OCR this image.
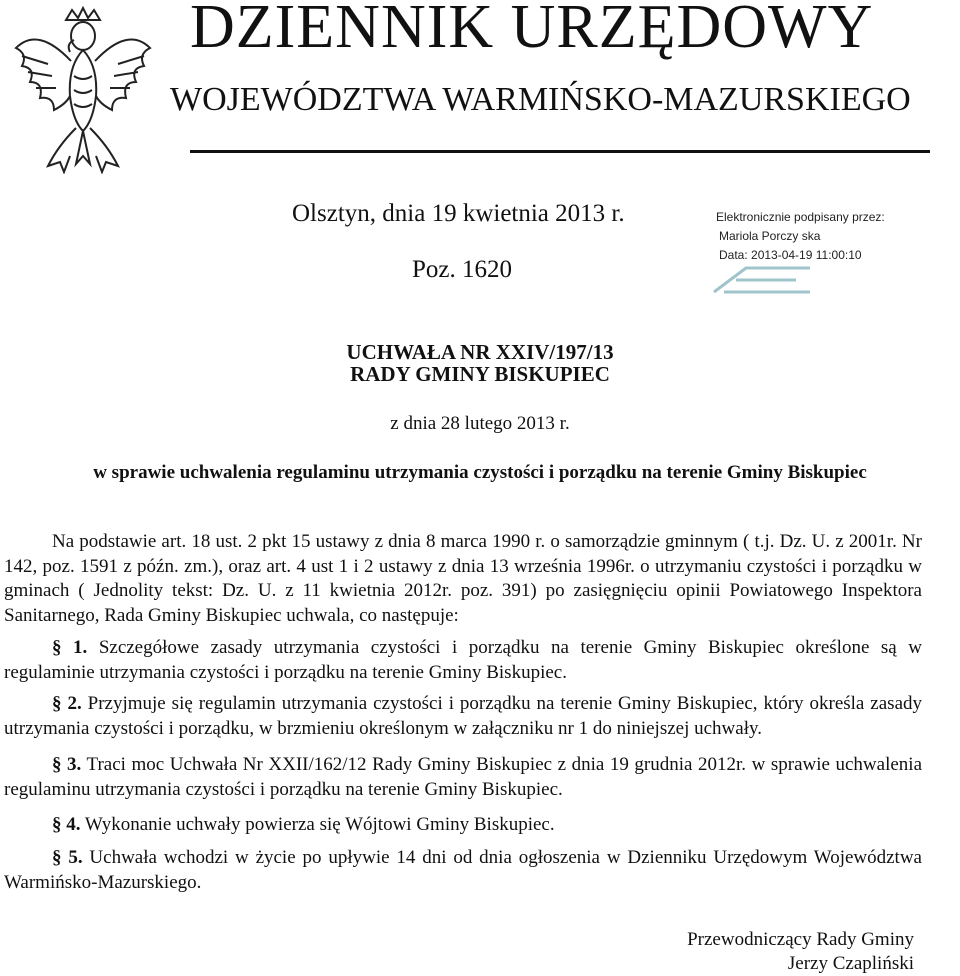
DZIENNIK URZĘDOWY
WOJEWÓDZTWA WARMIŃSKO-MAZURSKIEGO
Olsztyn, dnia 19 kwietnia 2013 r.
Poz. 1620
Elektronicznie podpisany przez:
Mariola Porczy ska
Data: 2013-04-19 11:00:10
UCHWAŁA NR XXIV/197/13
RADY GMINY BISKUPIEC
z dnia 28 lutego 2013 r.
w sprawie uchwalenia regulaminu utrzymania czystości i porządku na terenie Gminy Biskupiec
Na podstawie art. 18 ust. 2 pkt 15 ustawy z dnia 8 marca 1990 r. o samorządzie gminnym ( t.j. Dz. U. z 2001r. Nr 142, poz. 1591 z późn. zm.), oraz art. 4 ust 1 i 2 ustawy z dnia 13 września 1996r. o utrzymaniu czystości i porządku w gminach ( Jednolity tekst: Dz. U. z 11 kwietnia 2012r. poz. 391) po zasięgnięciu opinii Powiatowego Inspektora Sanitarnego, Rada Gminy Biskupiec uchwala, co następuje:
§ 1. Szczegółowe zasady utrzymania czystości i porządku na terenie Gminy Biskupiec określone są w regulaminie utrzymania czystości i porządku na terenie Gminy Biskupiec.
§ 2. Przyjmuje się regulamin utrzymania czystości i porządku na terenie Gminy Biskupiec, który określa zasady utrzymania czystości i porządku, w brzmieniu określonym w załączniku nr 1 do niniejszej uchwały.
§ 3. Traci moc Uchwała Nr XXII/162/12 Rady Gminy Biskupiec z dnia 19 grudnia 2012r. w sprawie uchwalenia regulaminu utrzymania czystości i porządku na terenie Gminy Biskupiec.
§ 4. Wykonanie uchwały powierza się Wójtowi Gminy Biskupiec.
§ 5. Uchwała wchodzi w życie po upływie 14 dni od dnia ogłoszenia w Dzienniku Urzędowym Województwa Warmińsko-Mazurskiego.
Przewodniczący Rady Gminy
Jerzy Czapliński
